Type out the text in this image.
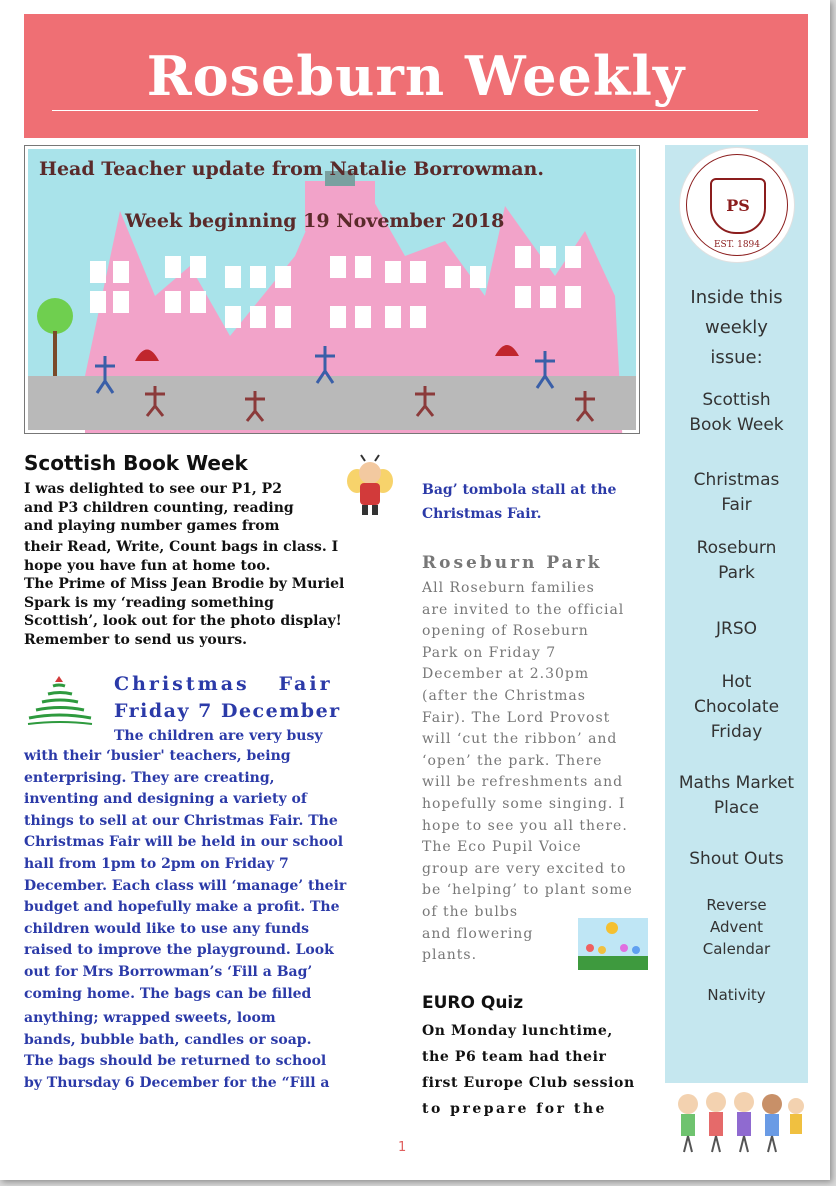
Roseburn Weekly
Head Teacher update from Natalie Borrowman.
Week beginning 19 November 2018
PS
EST. 1894
Inside this
weekly
issue:
Scottish
Book Week
Christmas
Fair
Roseburn
Park
JRSO
Hot
Chocolate
Friday
Maths Market
Place
Shout Outs
Reverse
Advent
Calendar
Nativity
Scottish Book Week
I was delighted to see our P1, P2
and P3 children counting, reading
and playing number games from
their Read, Write, Count bags in class. I
hope you have fun at home too.
The Prime of Miss Jean Brodie by Muriel
Spark is my ‘reading something
Scottish’, look out for the photo display!
Remember to send us yours.
Christmas   Fair
Friday 7 December
The children are very busy
with their ‘busier' teachers, being
enterprising. They are creating,
inventing and designing a variety of
things to sell at our Christmas Fair. The
Christmas Fair will be held in our school
hall from 1pm to 2pm on Friday 7
December. Each class will ‘manage’ their
budget and hopefully make a profit. The
children would like to use any funds
raised to improve the playground. Look
out for Mrs Borrowman’s ‘Fill a Bag’
coming home. The bags can be filled
anything; wrapped sweets, loom
bands, bubble bath, candles or soap.
The bags should be returned to school
by Thursday 6 December for the “Fill a
Bag’ tombola stall at the
Christmas Fair.
Roseburn Park
All Roseburn families
are invited to the official
opening of Roseburn
Park on Friday 7
December at 2.30pm
(after the Christmas
Fair). The Lord Provost
will ‘cut the ribbon’ and
‘open’ the park. There
will be refreshments and
hopefully some singing. I
hope to see you all there.
The Eco Pupil Voice
group are very excited to
be ‘helping’ to plant some
of the bulbs
and flowering
plants.
EURO Quiz
On Monday lunchtime,
the P6 team had their
first Europe Club session
to prepare for the
1
